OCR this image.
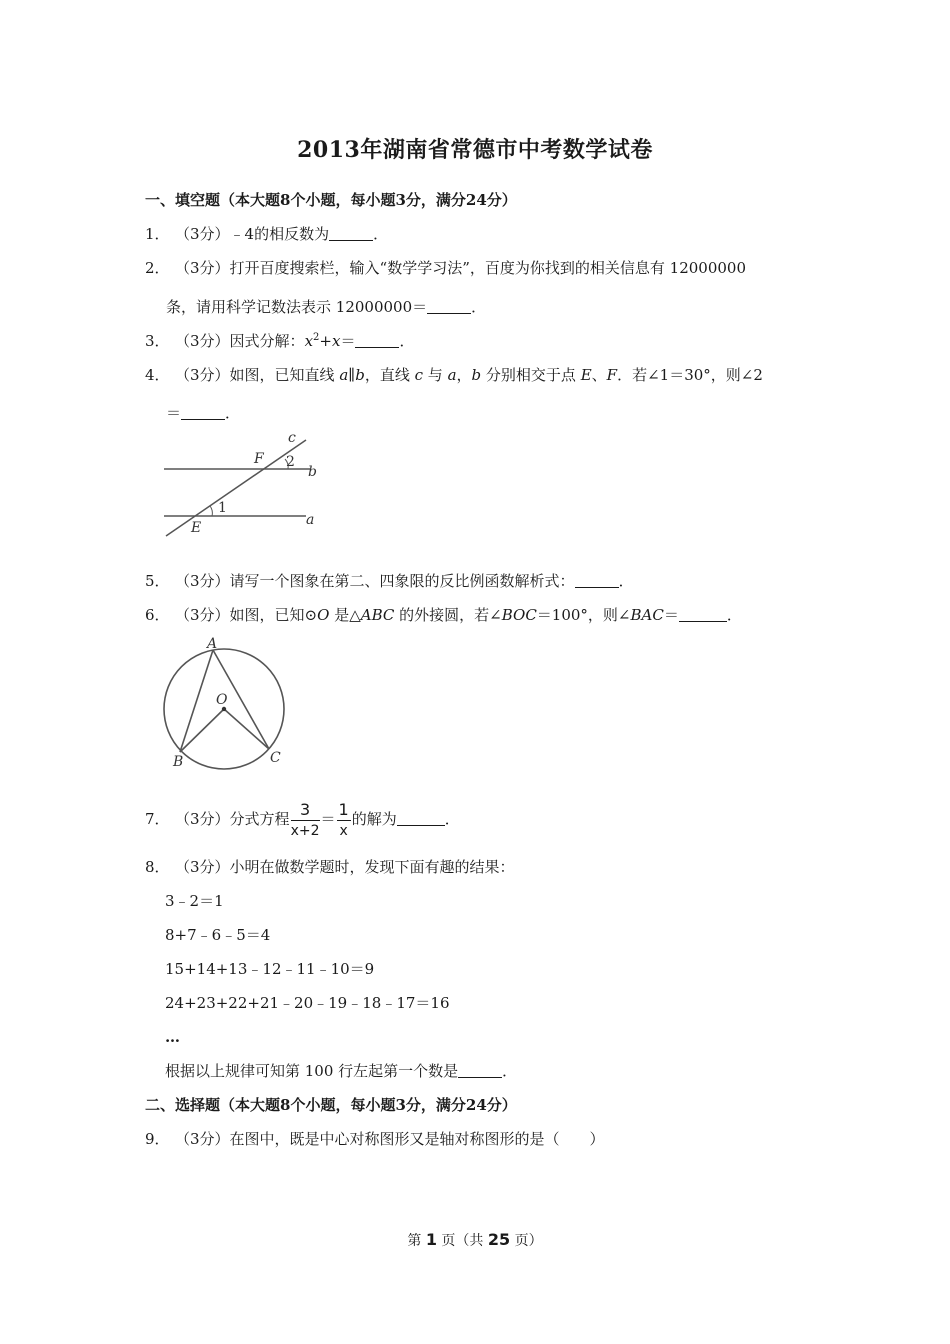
2013年湖南省常德市中考数学试卷
一、填空题（本大题8个小题，每小题3分，满分24分）
1． （3分）﹣4的相反数为	．
2． （3分）打开百度搜索栏，输入“数学学习法”，百度为你找到的相关信息有 12000000
条，请用科学记数法表示 12000000＝	．
3． （3分）因式分解：$x^2+x=$	．
4． （3分）如图，已知直线 a∥b，直线 c 与 a，b 分别相交于点 E、F．若∠1＝30°，则∠2
＝	．
c
F 2
b
1
E	a
5． （3分）请写一个图象在第二、四象限的反比例函数解析式：	．
6． （3分）如图，已知⊙O 是△ABC 的外接圆，若∠BOC＝100°，则∠BAC＝	．
A
O
B	C
7． （3分）分式方程 $\frac{3}{x+2} = \frac{1}{x}$ 的解为	．
8． （3分）小明在做数学题时，发现下面有趣的结果：
3﹣2＝1
8+7﹣6﹣5＝4
15+14+13﹣12﹣11﹣10＝9
24+23+22+21﹣20﹣19﹣18﹣17＝16
…
根据以上规律可知第 100 行左起第一个数是	．
二、选择题（本大题8个小题，每小题3分，满分24分）
9． （3分）在图中，既是中心对称图形又是轴对称图形的是（　　）
第 1 页（共 25 页）
